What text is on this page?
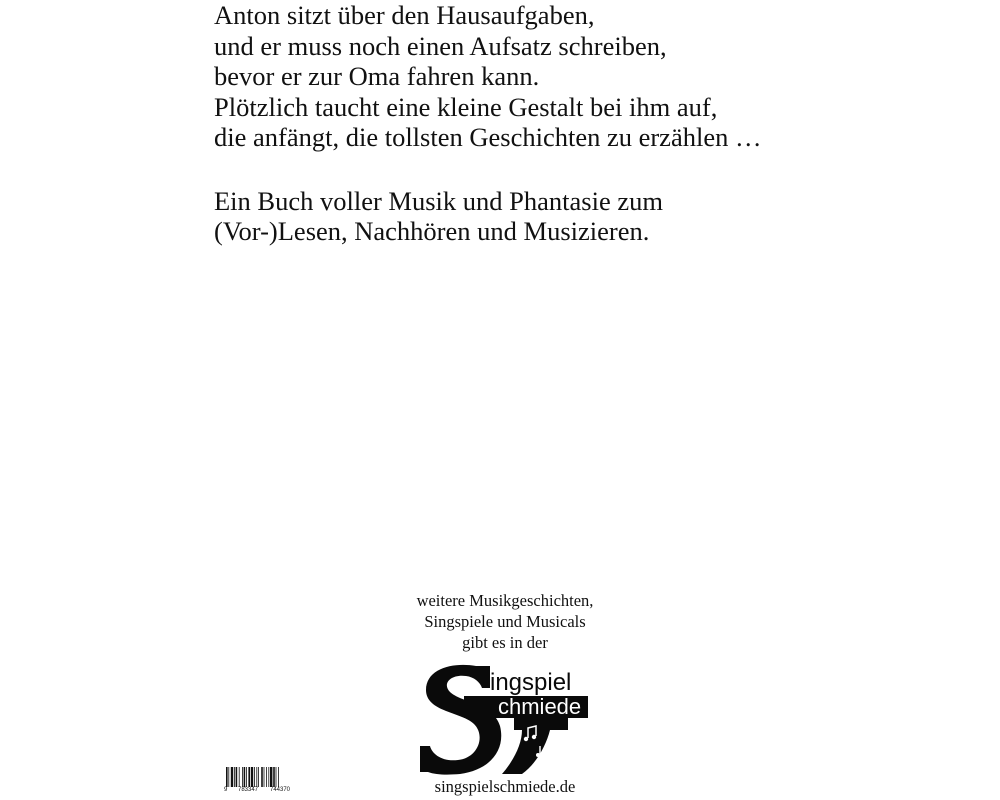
Anton sitzt über den Hausaufgaben,
und er muss noch einen Aufsatz schreiben,
bevor er zur Oma fahren kann.
Plötzlich taucht eine kleine Gestalt bei ihm auf,
die anfängt, die tollsten Geschichten zu erzählen …
Ein Buch voller Musik und Phantasie zum
(Vor-)Lesen, Nachhören und Musizieren.
weitere Musikgeschichten,
Singspiele und Musicals
gibt es in der
ingspiel
chmiede
singspielschmiede.de
9 783347 744370
